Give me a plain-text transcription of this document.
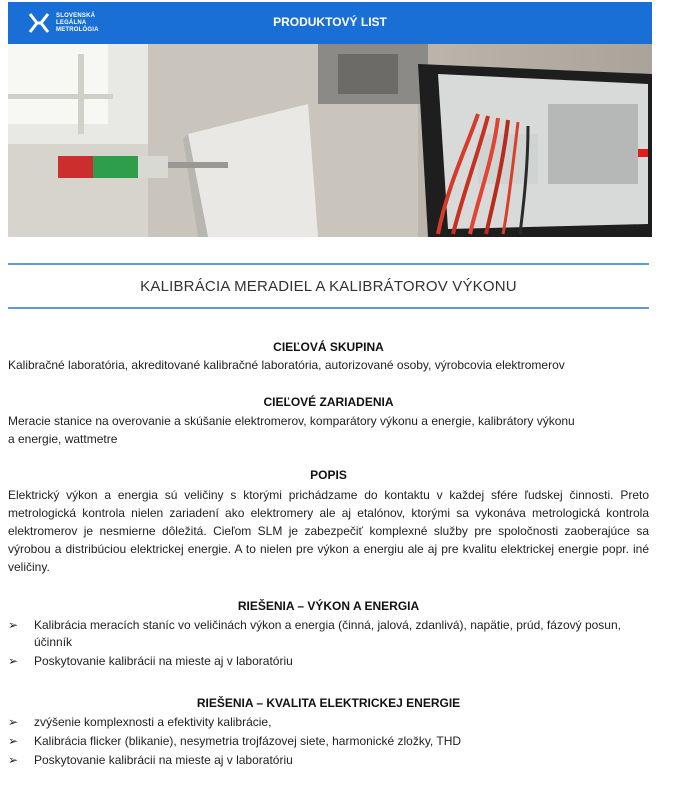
SLOVENSKÁ
LEGÁLNA
METROLÓGIA
PRODUKTOVÝ LIST
KALIBRÁCIA MERADIEL A KALIBRÁTOROV VÝKONU
CIEĽOVÁ SKUPINA
Kalibračné laboratória, akreditované kalibračné laboratória, autorizované osoby, výrobcovia elektromerov
CIEĽOVÉ ZARIADENIA
Meracie stanice na overovanie a skúšanie elektromerov, komparátory výkonu a energie, kalibrátory výkonu
a energie, wattmetre
POPIS
Elektrický výkon a energia sú veličiny s ktorými prichádzame do kontaktu v každej sfére ľudskej činnosti. Preto metrologická kontrola nielen zariadení ako elektromery ale aj etalónov, ktorými sa vykonáva metrologická kontrola elektromerov je nesmierne dôležitá. Cieľom SLM je zabezpečiť komplexné služby pre spoločnosti zaoberajúce sa výrobou a distribúciou elektrickej energie. A to nielen pre výkon a energiu ale aj pre kvalitu elektrickej energie popr. iné veličiny.
RIEŠENIA – VÝKON A ENERGIA
➢ Kalibrácia meracích staníc vo veličinách výkon a energia (činná, jalová, zdanlivá), napätie, prúd, fázový posun, účinník
➢ Poskytovanie kalibrácii na mieste aj v laboratóriu
RIEŠENIA – KVALITA ELEKTRICKEJ ENERGIE
➢ zvýšenie komplexnosti a efektivity kalibrácie,
➢ Kalibrácia flicker (blikanie), nesymetria trojfázovej siete, harmonické zložky, THD
➢ Poskytovanie kalibrácii na mieste aj v laboratóriu
